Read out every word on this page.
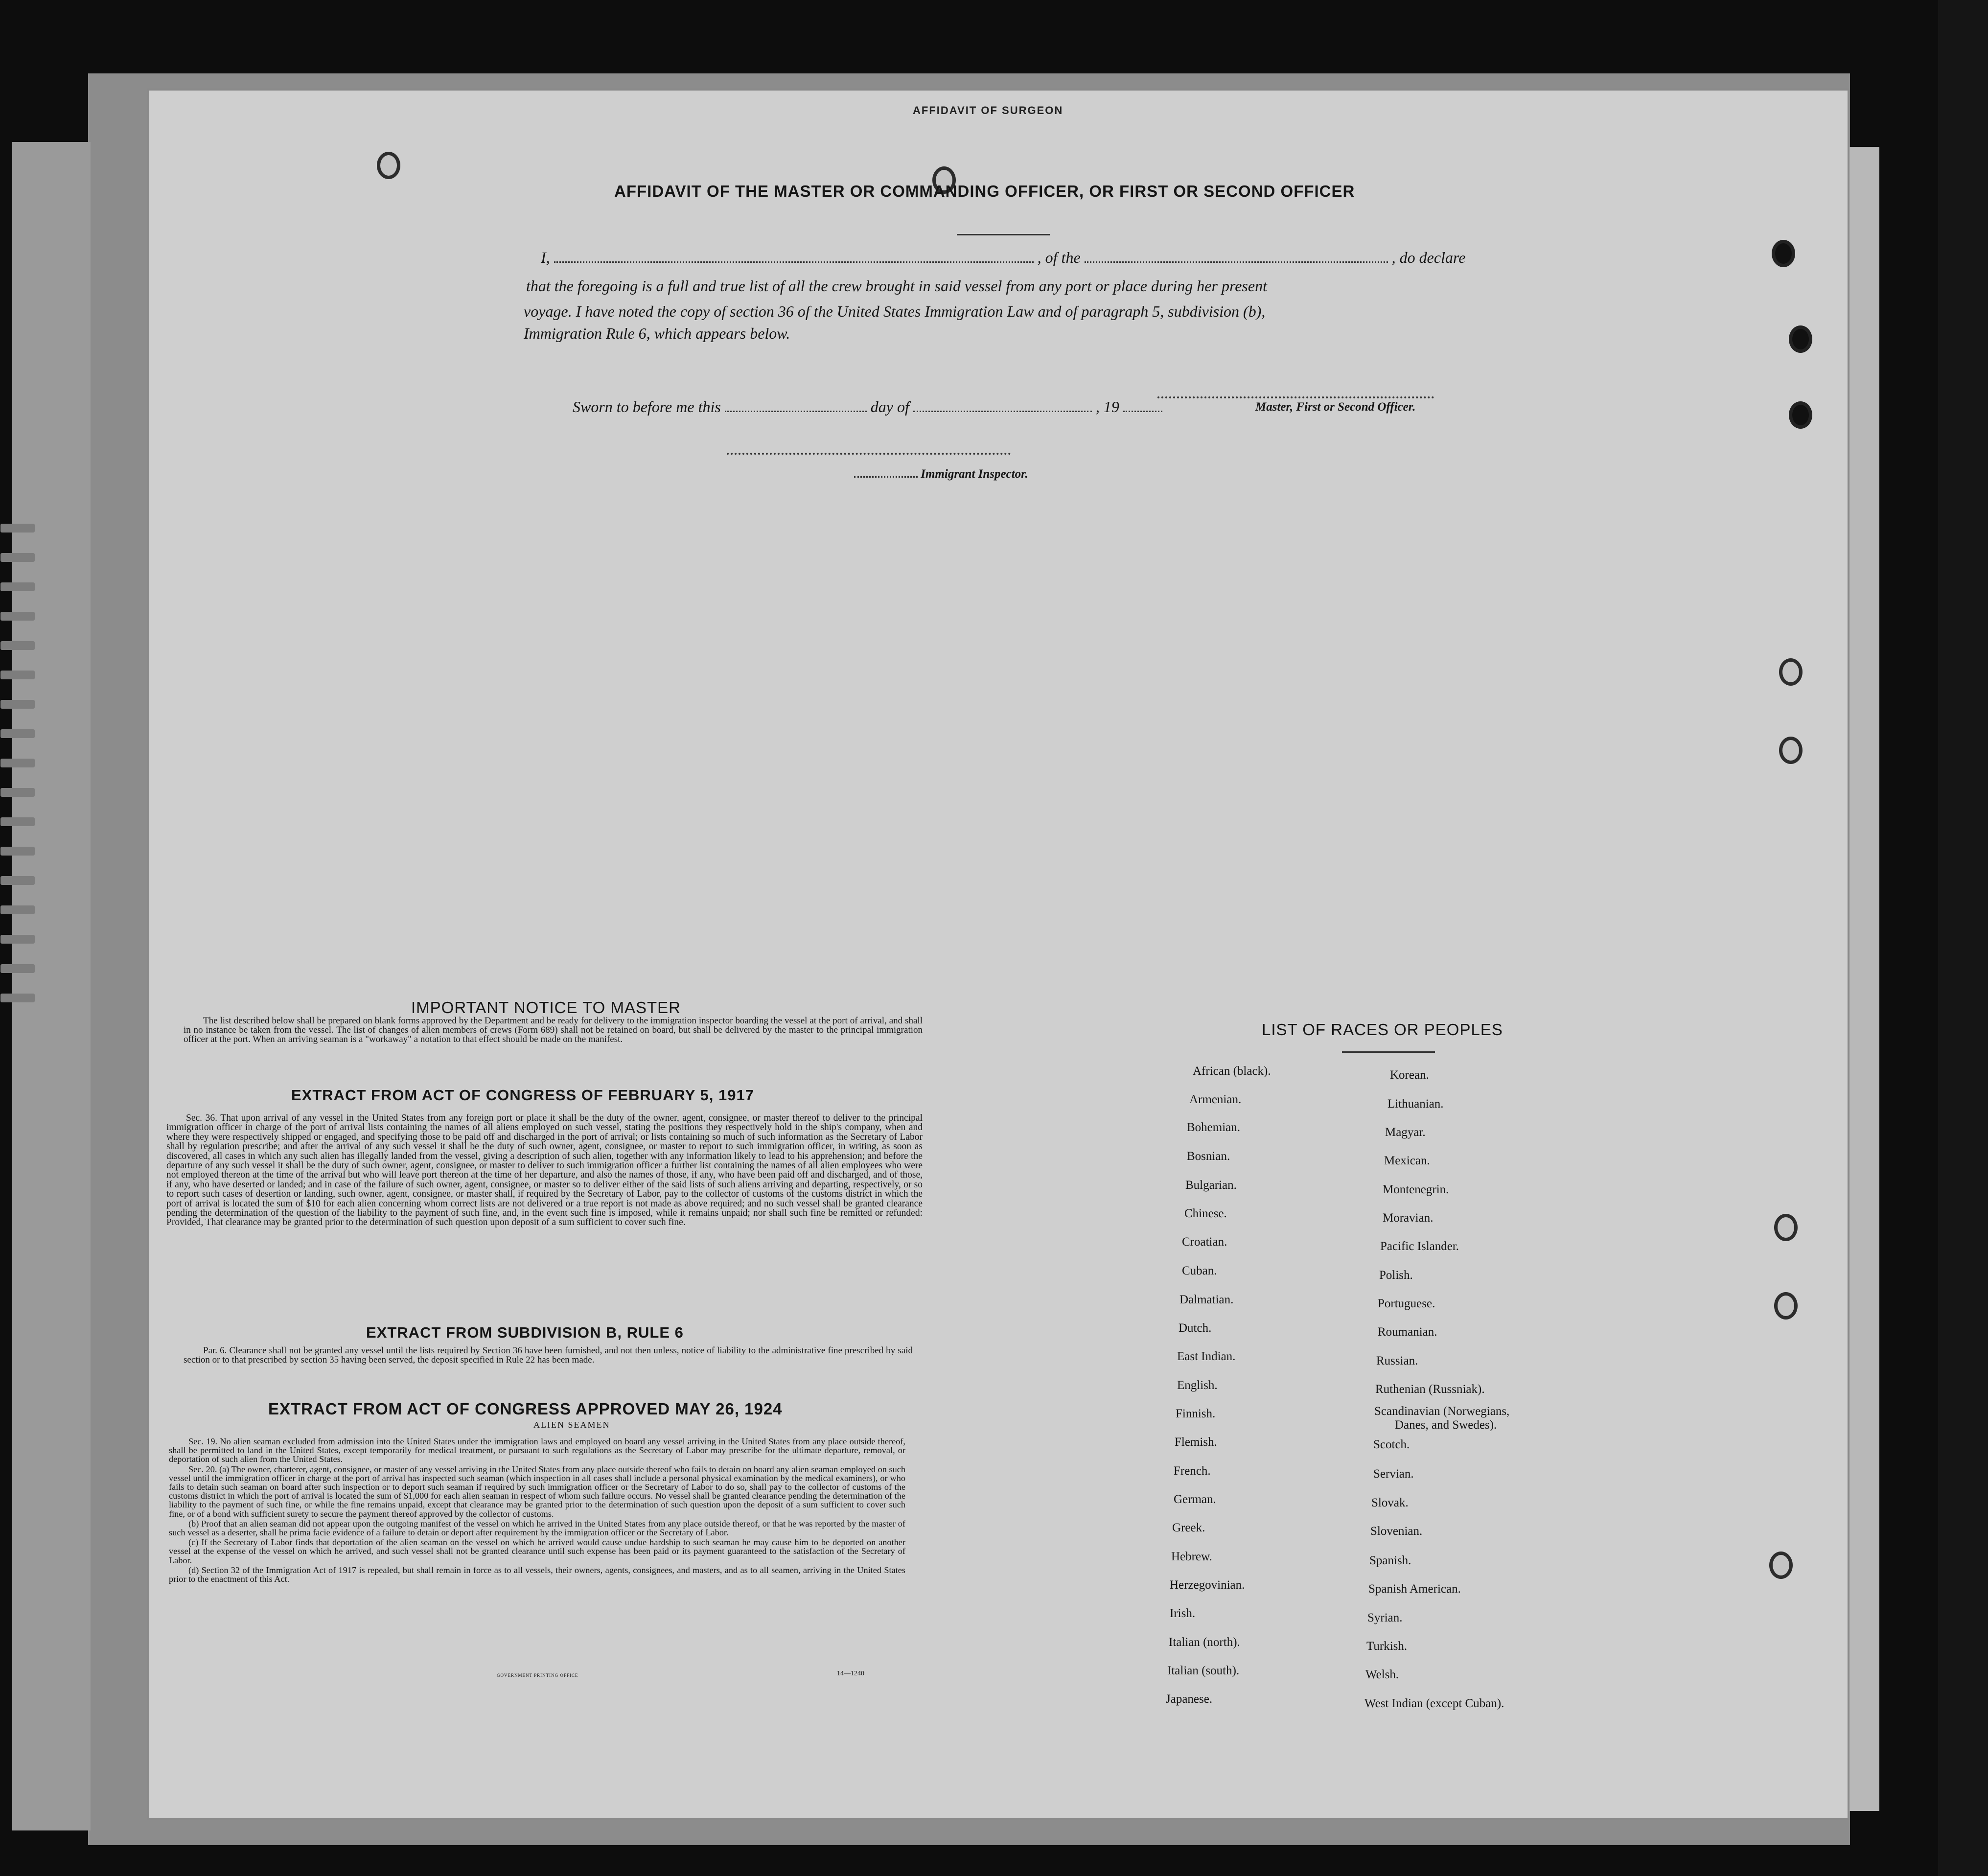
AFFIDAVIT OF SURGEON
AFFIDAVIT OF THE MASTER OR COMMANDING OFFICER, OR FIRST OR SECOND OFFICER
I,	, of the	, do declare
that the foregoing is a full and true list of all the crew brought in said vessel from any port or place during her present
voyage. I have noted the copy of section 36 of the United States Immigration Law and of paragraph 5, subdivision (b),
Immigration Rule 6, which appears below.
Master, First or Second Officer.
Sworn to before me this	day of	, 19
Immigrant Inspector.
IMPORTANT NOTICE TO MASTER

The list described below shall be prepared on blank forms approved by the Department and be ready for delivery to the immigration inspector boarding the vessel at the port of arrival, and shall in no instance be taken from the vessel. The list of changes of alien members of crews (Form 689) shall not be retained on board, but shall be delivered by the master to the principal immigration officer at the port. When an arriving seaman is a "workaway" a notation to that effect should be made on the manifest.

EXTRACT FROM ACT OF CONGRESS OF FEBRUARY 5, 1917

Sec. 36. That upon arrival of any vessel in the United States from any foreign port or place it shall be the duty of the owner, agent, consignee, or master thereof to deliver to the principal immigration officer in charge of the port of arrival lists containing the names of all aliens employed on such vessel, stating the positions they respectively hold in the ship's company, when and where they were respectively shipped or engaged, and specifying those to be paid off and discharged in the port of arrival; or lists containing so much of such information as the Secretary of Labor shall by regulation prescribe; and after the arrival of any such vessel it shall be the duty of such owner, agent, consignee, or master to report to such immigration officer, in writing, as soon as discovered, all cases in which any such alien has illegally landed from the vessel, giving a description of such alien, together with any information likely to lead to his apprehension; and before the departure of any such vessel it shall be the duty of such owner, agent, consignee, or master to deliver to such immigration officer a further list containing the names of all alien employees who were not employed thereon at the time of the arrival but who will leave port thereon at the time of her departure, and also the names of those, if any, who have been paid off and discharged, and of those, if any, who have deserted or landed; and in case of the failure of such owner, agent, consignee, or master so to deliver either of the said lists of such aliens arriving and departing, respectively, or so to report such cases of desertion or landing, such owner, agent, consignee, or master shall, if required by the Secretary of Labor, pay to the collector of customs of the customs district in which the port of arrival is located the sum of $10 for each alien concerning whom correct lists are not delivered or a true report is not made as above required; and no such vessel shall be granted clearance pending the determination of the question of the liability to the payment of such fine, and, in the event such fine is imposed, while it remains unpaid; nor shall such fine be remitted or refunded: Provided, That clearance may be granted prior to the determination of such question upon deposit of a sum sufficient to cover such fine.

EXTRACT FROM SUBDIVISION B, RULE 6

Par. 6. Clearance shall not be granted any vessel until the lists required by Section 36 have been furnished, and not then unless, notice of liability to the administrative fine prescribed by said section or to that prescribed by section 35 having been served, the deposit specified in Rule 22 has been made.

EXTRACT FROM ACT OF CONGRESS APPROVED MAY 26, 1924
ALIEN SEAMEN

Sec. 19. No alien seaman excluded from admission into the United States under the immigration laws and employed on board any vessel arriving in the United States from any place outside thereof, shall be permitted to land in the United States, except temporarily for medical treatment, or pursuant to such regulations as the Secretary of Labor may prescribe for the ultimate departure, removal, or deportation of such alien from the United States.

Sec. 20. (a) The owner, charterer, agent, consignee, or master of any vessel arriving in the United States from any place outside thereof who fails to detain on board any alien seaman employed on such vessel until the immigration officer in charge at the port of arrival has inspected such seaman (which inspection in all cases shall include a personal physical examination by the medical examiners), or who fails to detain such seaman on board after such inspection or to deport such seaman if required by such immigration officer or the Secretary of Labor to do so, shall pay to the collector of customs of the customs district in which the port of arrival is located the sum of $1,000 for each alien seaman in respect of whom such failure occurs. No vessel shall be granted clearance pending the determination of the liability to the payment of such fine, or while the fine remains unpaid, except that clearance may be granted prior to the determination of such question upon the deposit of a sum sufficient to cover such fine, or of a bond with sufficient surety to secure the payment thereof approved by the collector of customs.

(b) Proof that an alien seaman did not appear upon the outgoing manifest of the vessel on which he arrived in the United States from any place outside thereof, or that he was reported by the master of such vessel as a deserter, shall be prima facie evidence of a failure to detain or deport after requirement by the immigration officer or the Secretary of Labor.

(c) If the Secretary of Labor finds that deportation of the alien seaman on the vessel on which he arrived would cause undue hardship to such seaman he may cause him to be deported on another vessel at the expense of the vessel on which he arrived, and such vessel shall not be granted clearance until such expense has been paid or its payment guaranteed to the satisfaction of the Secretary of Labor.

(d) Section 32 of the Immigration Act of 1917 is repealed, but shall remain in force as to all vessels, their owners, agents, consignees, and masters, and as to all seamen, arriving in the United States prior to the enactment of this Act.

GOVERNMENT PRINTING OFFICE	14—1240
LIST OF RACES OR PEOPLES
African (black).
Armenian.
Bohemian.
Bosnian.
Bulgarian.
Chinese.
Croatian.
Cuban.
Dalmatian.
Dutch.
East Indian.
English.
Finnish.
Flemish.
French.
German.
Greek.
Hebrew.
Herzegovinian.
Irish.
Italian (north).
Italian (south).
Japanese.
Korean.
Lithuanian.
Magyar.
Mexican.
Montenegrin.
Moravian.
Pacific Islander.
Polish.
Portuguese.
Roumanian.
Russian.
Ruthenian (Russniak).
Scandinavian (Norwegians,
Danes, and Swedes).
Scotch.
Servian.
Slovak.
Slovenian.
Spanish.
Spanish American.
Syrian.
Turkish.
Welsh.
West Indian (except Cuban).
